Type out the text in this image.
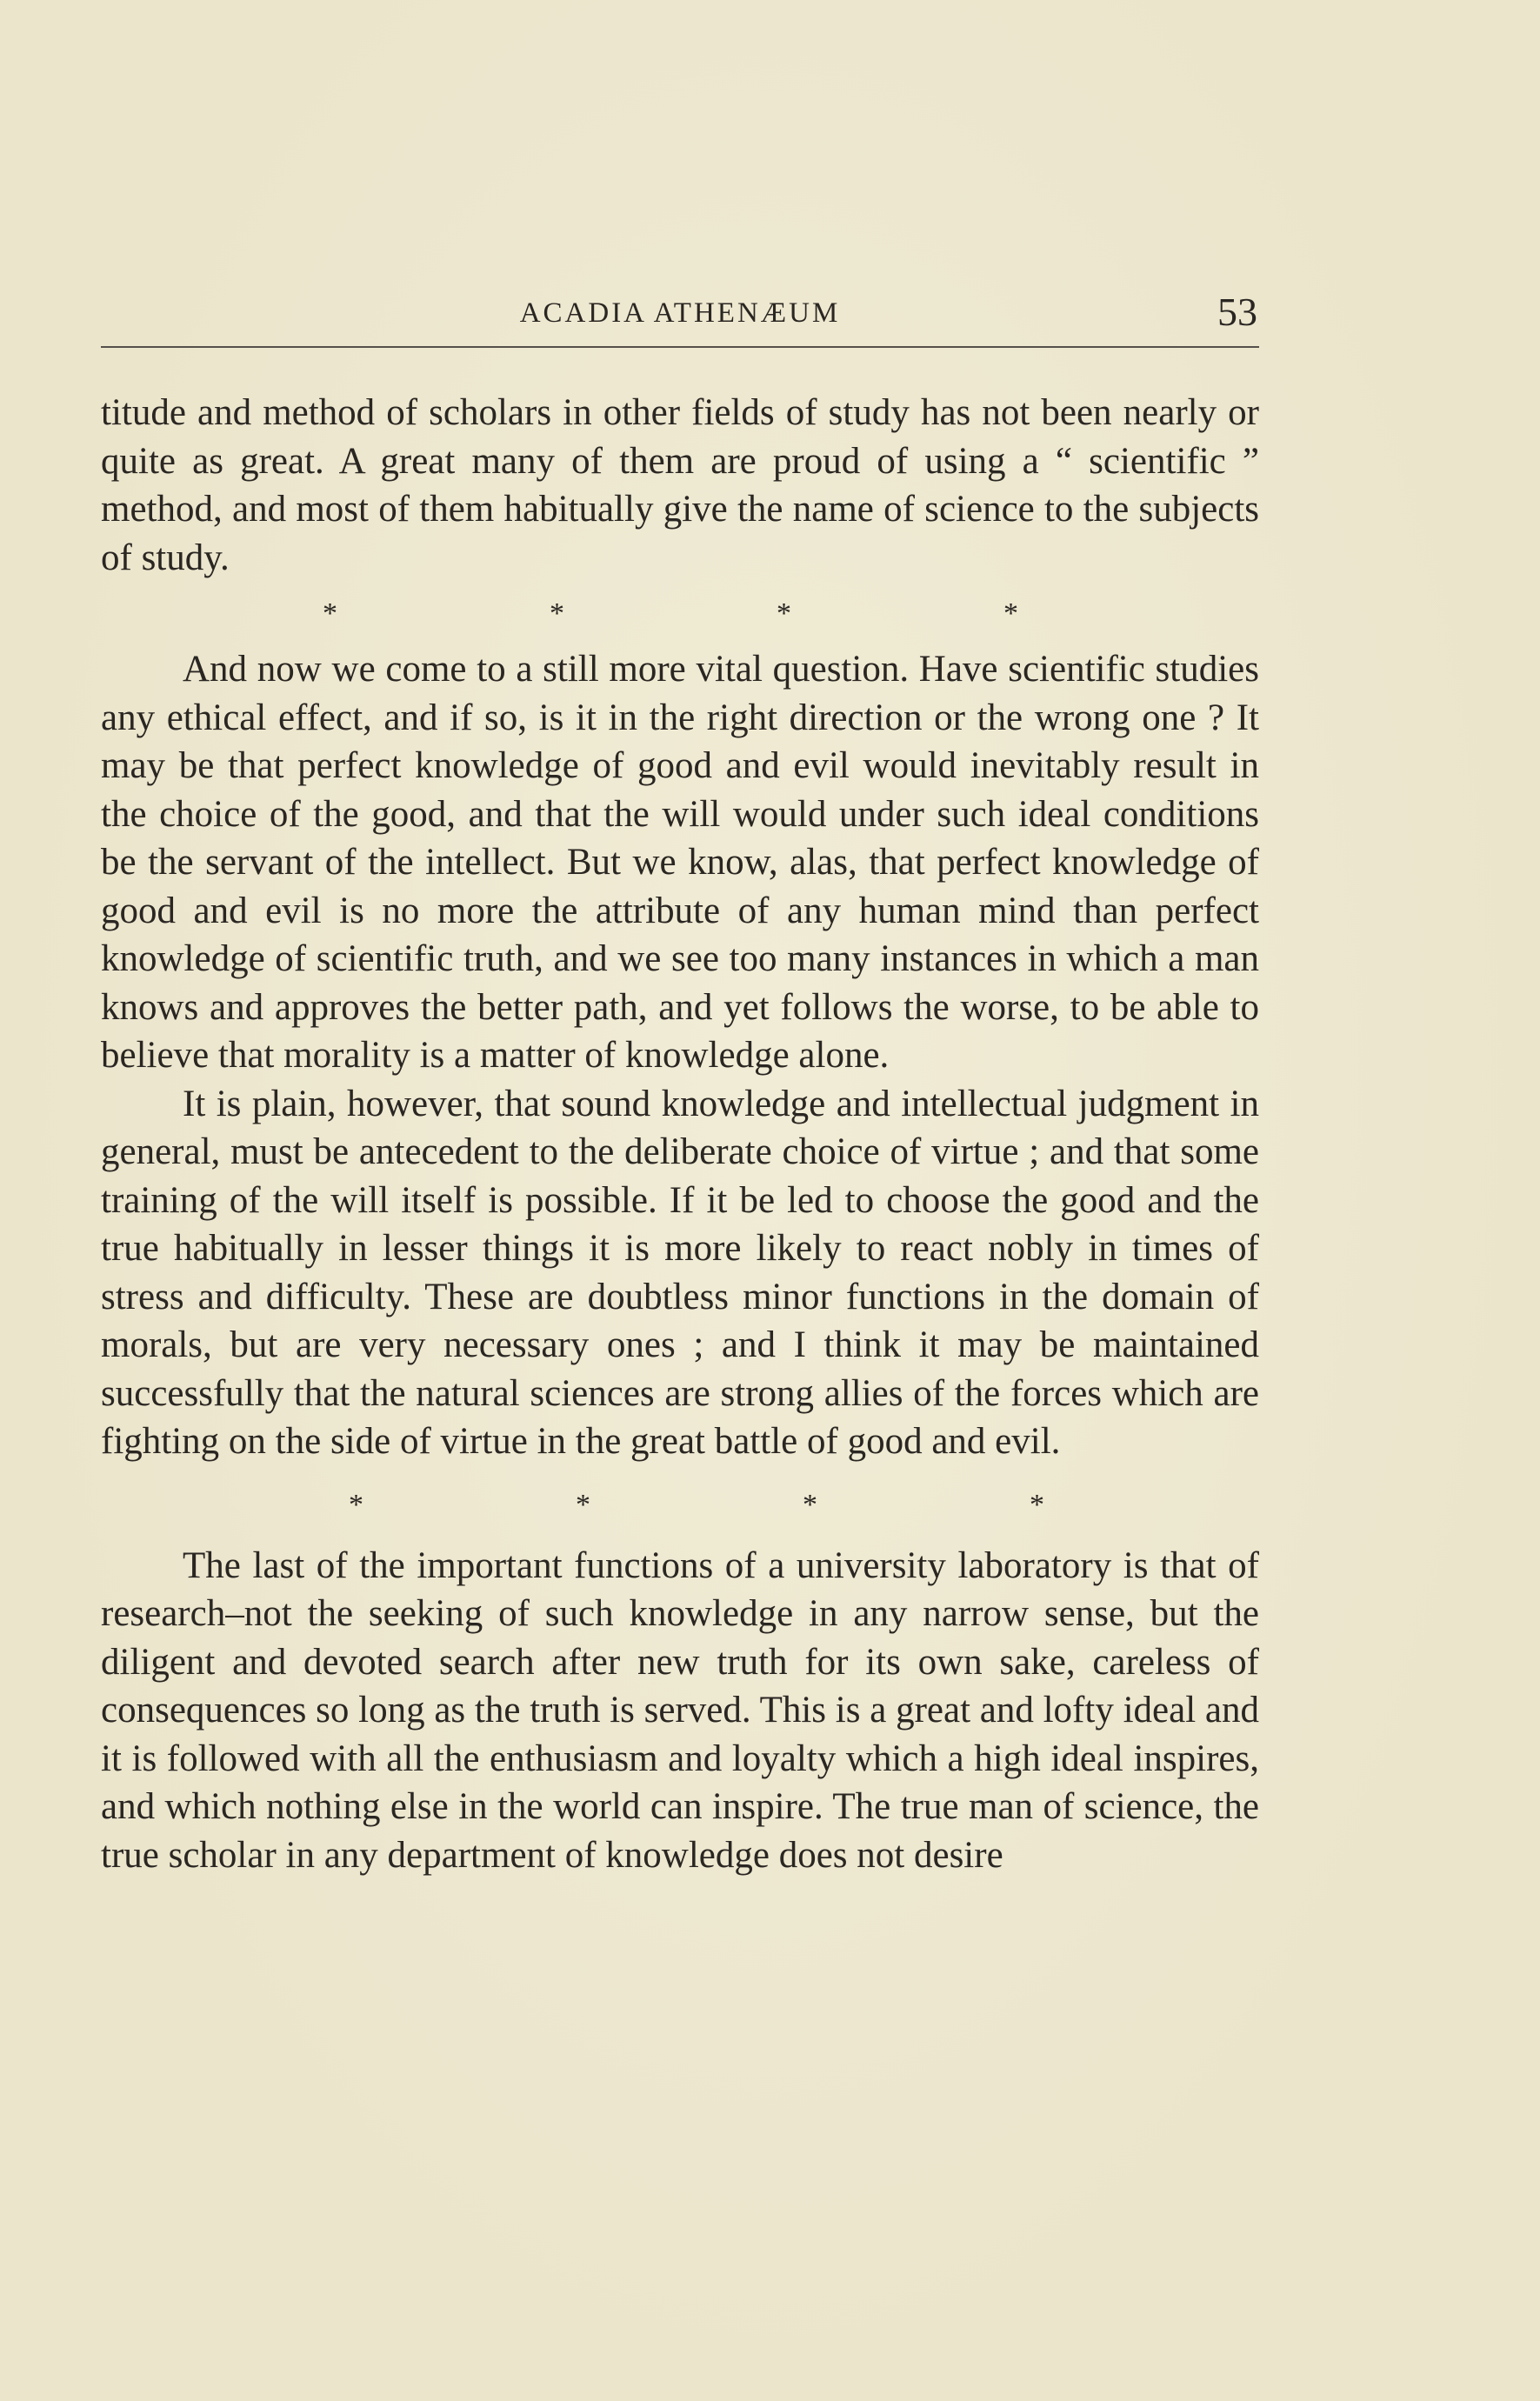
ACADIA ATHENÆUM	53

titude and method of scholars in other fields of study has not been nearly or quite as great. A great many of them are proud of using a “ scientific ” method, and most of them habitually give the name of science to the subjects of study.

*	*	*	*

And now we come to a still more vital question. Have scientific studies any ethical effect, and if so, is it in the right direction or the wrong one ? It may be that perfect knowledge of good and evil would inevitably result in the choice of the good, and that the will would under such ideal conditions be the servant of the intellect. But we know, alas, that perfect knowledge of good and evil is no more the attribute of any human mind than perfect knowledge of scientific truth, and we see too many instances in which a man knows and approves the better path, and yet follows the worse, to be able to believe that morality is a matter of knowledge alone.

It is plain, however, that sound knowledge and intellectual judgment in general, must be antecedent to the deliberate choice of virtue ; and that some training of the will itself is possible. If it be led to choose the good and the true habitually in lesser things it is more likely to react nobly in times of stress and difficulty. These are doubtless minor functions in the domain of morals, but are very necessary ones ; and I think it may be maintained successfully that the natural sciences are strong allies of the forces which are fighting on the side of virtue in the great battle of good and evil.

*	*	*	*

The last of the important functions of a university laboratory is that of research–not the seeking of such knowledge in any narrow sense, but the diligent and devoted search after new truth for its own sake, careless of consequences so long as the truth is served. This is a great and lofty ideal and it is followed with all the enthusiasm and loyalty which a high ideal inspires, and which nothing else in the world can inspire. The true man of science, the true scholar in any department of knowledge does not desire
